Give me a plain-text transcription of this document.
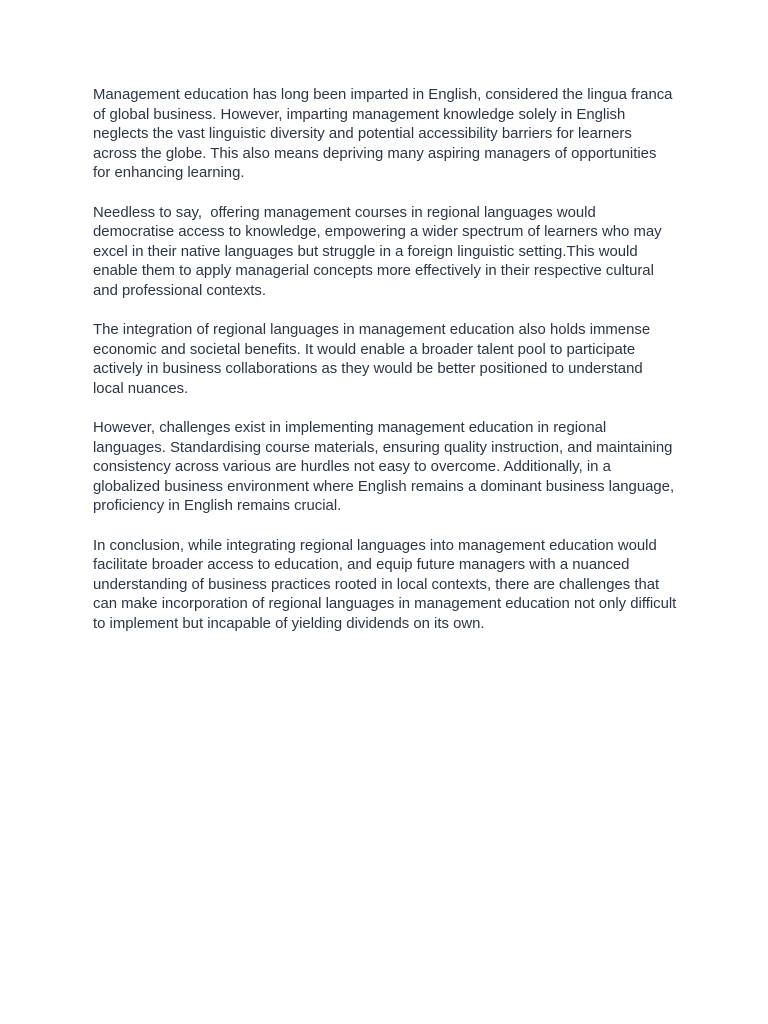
Management education has long been imparted in English, considered the lingua franca of global business. However, imparting management knowledge solely in English neglects the vast linguistic diversity and potential accessibility barriers for learners across the globe. This also means depriving many aspiring managers of opportunities for enhancing learning.

Needless to say,  offering management courses in regional languages would democratise access to knowledge, empowering a wider spectrum of learners who may excel in their native languages but struggle in a foreign linguistic setting.This would enable them to apply managerial concepts more effectively in their respective cultural and professional contexts.

The integration of regional languages in management education also holds immense economic and societal benefits. It would enable a broader talent pool to participate actively in business collaborations as they would be better positioned to understand local nuances.

However, challenges exist in implementing management education in regional languages. Standardising course materials, ensuring quality instruction, and maintaining consistency across various are hurdles not easy to overcome. Additionally, in a globalized business environment where English remains a dominant business language, proficiency in English remains crucial.

In conclusion, while integrating regional languages into management education would facilitate broader access to education, and equip future managers with a nuanced understanding of business practices rooted in local contexts, there are challenges that can make incorporation of regional languages in management education not only difficult to implement but incapable of yielding dividends on its own.
